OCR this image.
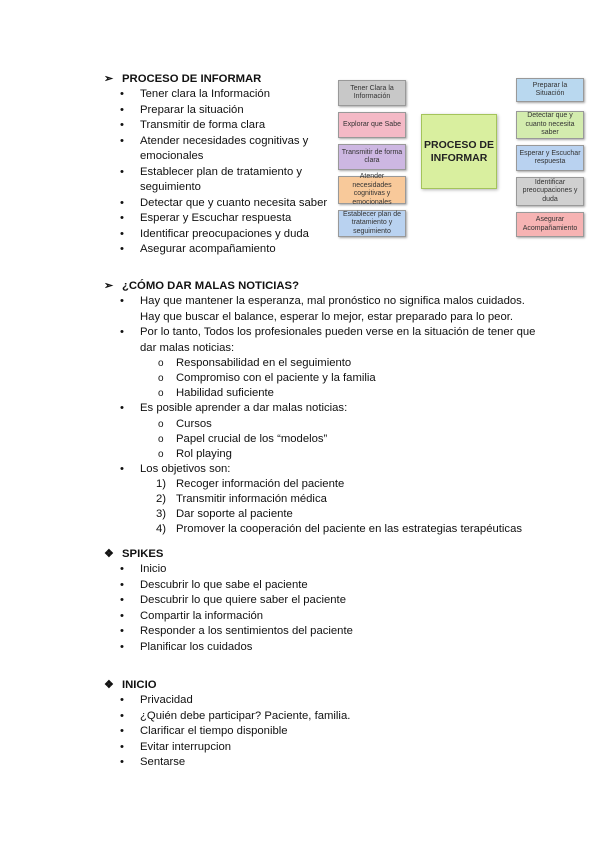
➢ PROCESO DE INFORMAR
• Tener clara la Información
• Preparar la situación
• Transmitir de forma clara
• Atender necesidades cognitivas y
emocionales
• Establecer plan de tratamiento y
seguimiento
• Detectar que y cuanto necesita saber
• Esperar y Escuchar respuesta
• Identificar preocupaciones y duda
• Asegurar acompañamiento
Tener Clara la Información
Explorar que Sabe
Transmitir de forma clara
Atender necesidades cognitivas y emocionales
Establecer plan de tratamiento y seguimiento
PROCESO DE INFORMAR
Preparar la Situación
Detectar que y cuanto necesita saber
Esperar y Escuchar respuesta
Identificar preocupaciones y duda
Asegurar Acompañamiento
➢ ¿CÓMO DAR MALAS NOTICIAS?
• Hay que mantener la esperanza, mal pronóstico no significa malos cuidados.
Hay que buscar el balance, esperar lo mejor, estar preparado para lo peor.
• Por lo tanto, Todos los profesionales pueden verse en la situación de tener que
dar malas noticias:
o Responsabilidad en el seguimiento
o Compromiso con el paciente y la familia
o Habilidad suficiente
• Es posible aprender a dar malas noticias:
o Cursos
o Papel crucial de los “modelos”
o Rol playing
• Los objetivos son:
1) Recoger información del paciente
2) Transmitir información médica
3) Dar soporte al paciente
4) Promover la cooperación del paciente en las estrategias terapéuticas
❖ SPIKES
• Inicio
• Descubrir lo que sabe el paciente
• Descubrir lo que quiere saber el paciente
• Compartir la información
• Responder a los sentimientos del paciente
• Planificar los cuidados
❖ INICIO
• Privacidad
• ¿Quién debe participar? Paciente, familia.
• Clarificar el tiempo disponible
• Evitar interrupcion
• Sentarse
